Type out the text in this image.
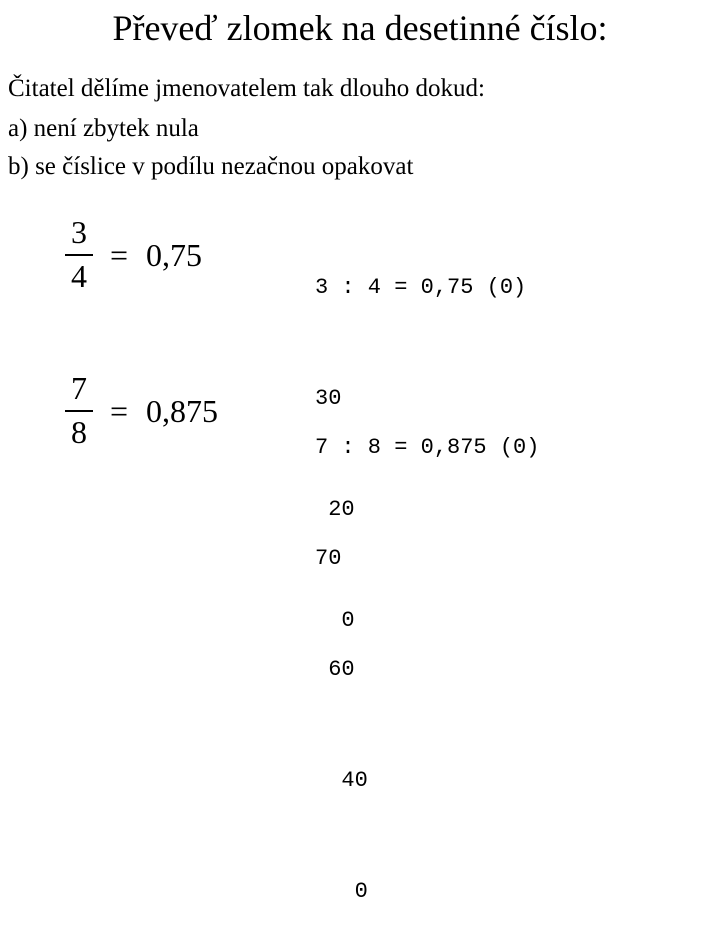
Převeď zlomek na desetinné číslo:
Čitatel dělíme jmenovatelem tak dlouho dokud:
a) není zbytek nula
b) se číslice v podílu nezačnou opakovat
$\frac{3}{4} = 0,75$

3 : 4 = 0,75 (0)

30

20

0

$\frac{7}{8} = 0,875$

7 : 8 = 0,875 (0)

70

60

40

0
